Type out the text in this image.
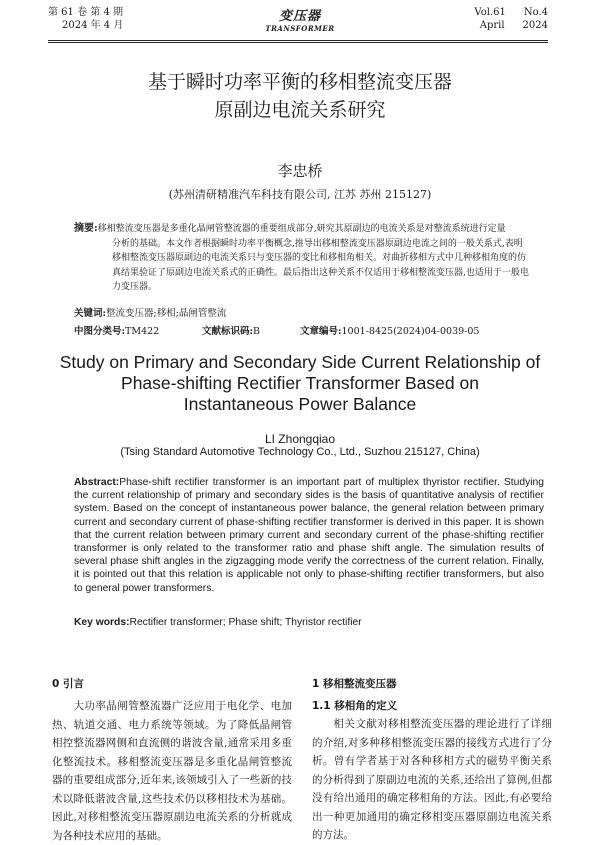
第 61 卷 第 4 期
2024 年 4 月
变压器
TRANSFORMER
Vol.61 No.4
April 2024
基于瞬时功率平衡的移相整流变压器
原副边电流关系研究
李忠桥
(苏州清研精准汽车科技有限公司, 江苏 苏州 215127)
摘要:移相整流变压器是多重化晶闸管整流器的重要组成部分,研究其原副边的电流关系是对整流系统进行定量
分析的基础。本文作者根据瞬时功率平衡概念,推导出移相整流变压器原副边电流之间的一般关系式,表明
移相整流变压器原副边的电流关系只与变压器的变比和移相角相关。对曲折移相方式中几种移相角度的仿
真结果验证了原副边电流关系式的正确性。最后指出这种关系不仅适用于移相整流变压器,也适用于一般电
力变压器。
关键词:整流变压器;移相;晶闸管整流
中图分类号:TM422	文献标识码:B	文章编号:1001-8425(2024)04-0039-05
Study on Primary and Secondary Side Current Relationship of
Phase-shifting Rectifier Transformer Based on
Instantaneous Power Balance
LI Zhongqiao
(Tsing Standard Automotive Technology Co., Ltd., Suzhou 215127, China)
Abstract:Phase-shift rectifier transformer is an important part of multiplex thyristor rectifier. Studying the current relationship of primary and secondary sides is the basis of quantitative analysis of rectifier system. Based on the concept of instantaneous power balance, the general relation between primary current and secondary current of phase-shifting rectifier transformer is derived in this paper. It is shown that the current relation between primary current and secondary current of the phase-shifting rectifier transformer is only related to the transformer ratio and phase shift angle. The simulation results of several phase shift angles in the zigzagging mode verify the correctness of the current relation. Finally, it is pointed out that this relation is applicable not only to phase-shifting rectifier transformers, but also to general power transformers.
Key words:Rectifier transformer; Phase shift; Thyristor rectifier
0 引言
大功率晶闸管整流器广泛应用于电化学、电加热、轨道交通、电力系统等领域。为了降低晶闸管相控整流器网侧和直流侧的谐波含量,通常采用多重化整流技术。移相整流变压器是多重化晶闸管整流器的重要组成部分,近年来,该领域引入了一些新的技术以降低谐波含量,这些技术仍以移相技术为基础。因此,对移相整流变压器原副边电流关系的分析就成为各种技术应用的基础。
1 移相整流变压器
1.1 移相角的定义
相关文献对移相整流变压器的理论进行了详细的介绍,对多种移相整流变压器的接线方式进行了分析。曾有学者基于对各种移相方式的磁势平衡关系的分析得到了原副边电流的关系,还给出了算例,但都没有给出通用的确定移相角的方法。因此,有必要给出一种更加通用的确定移相变压器原副边电流关系的方法。
